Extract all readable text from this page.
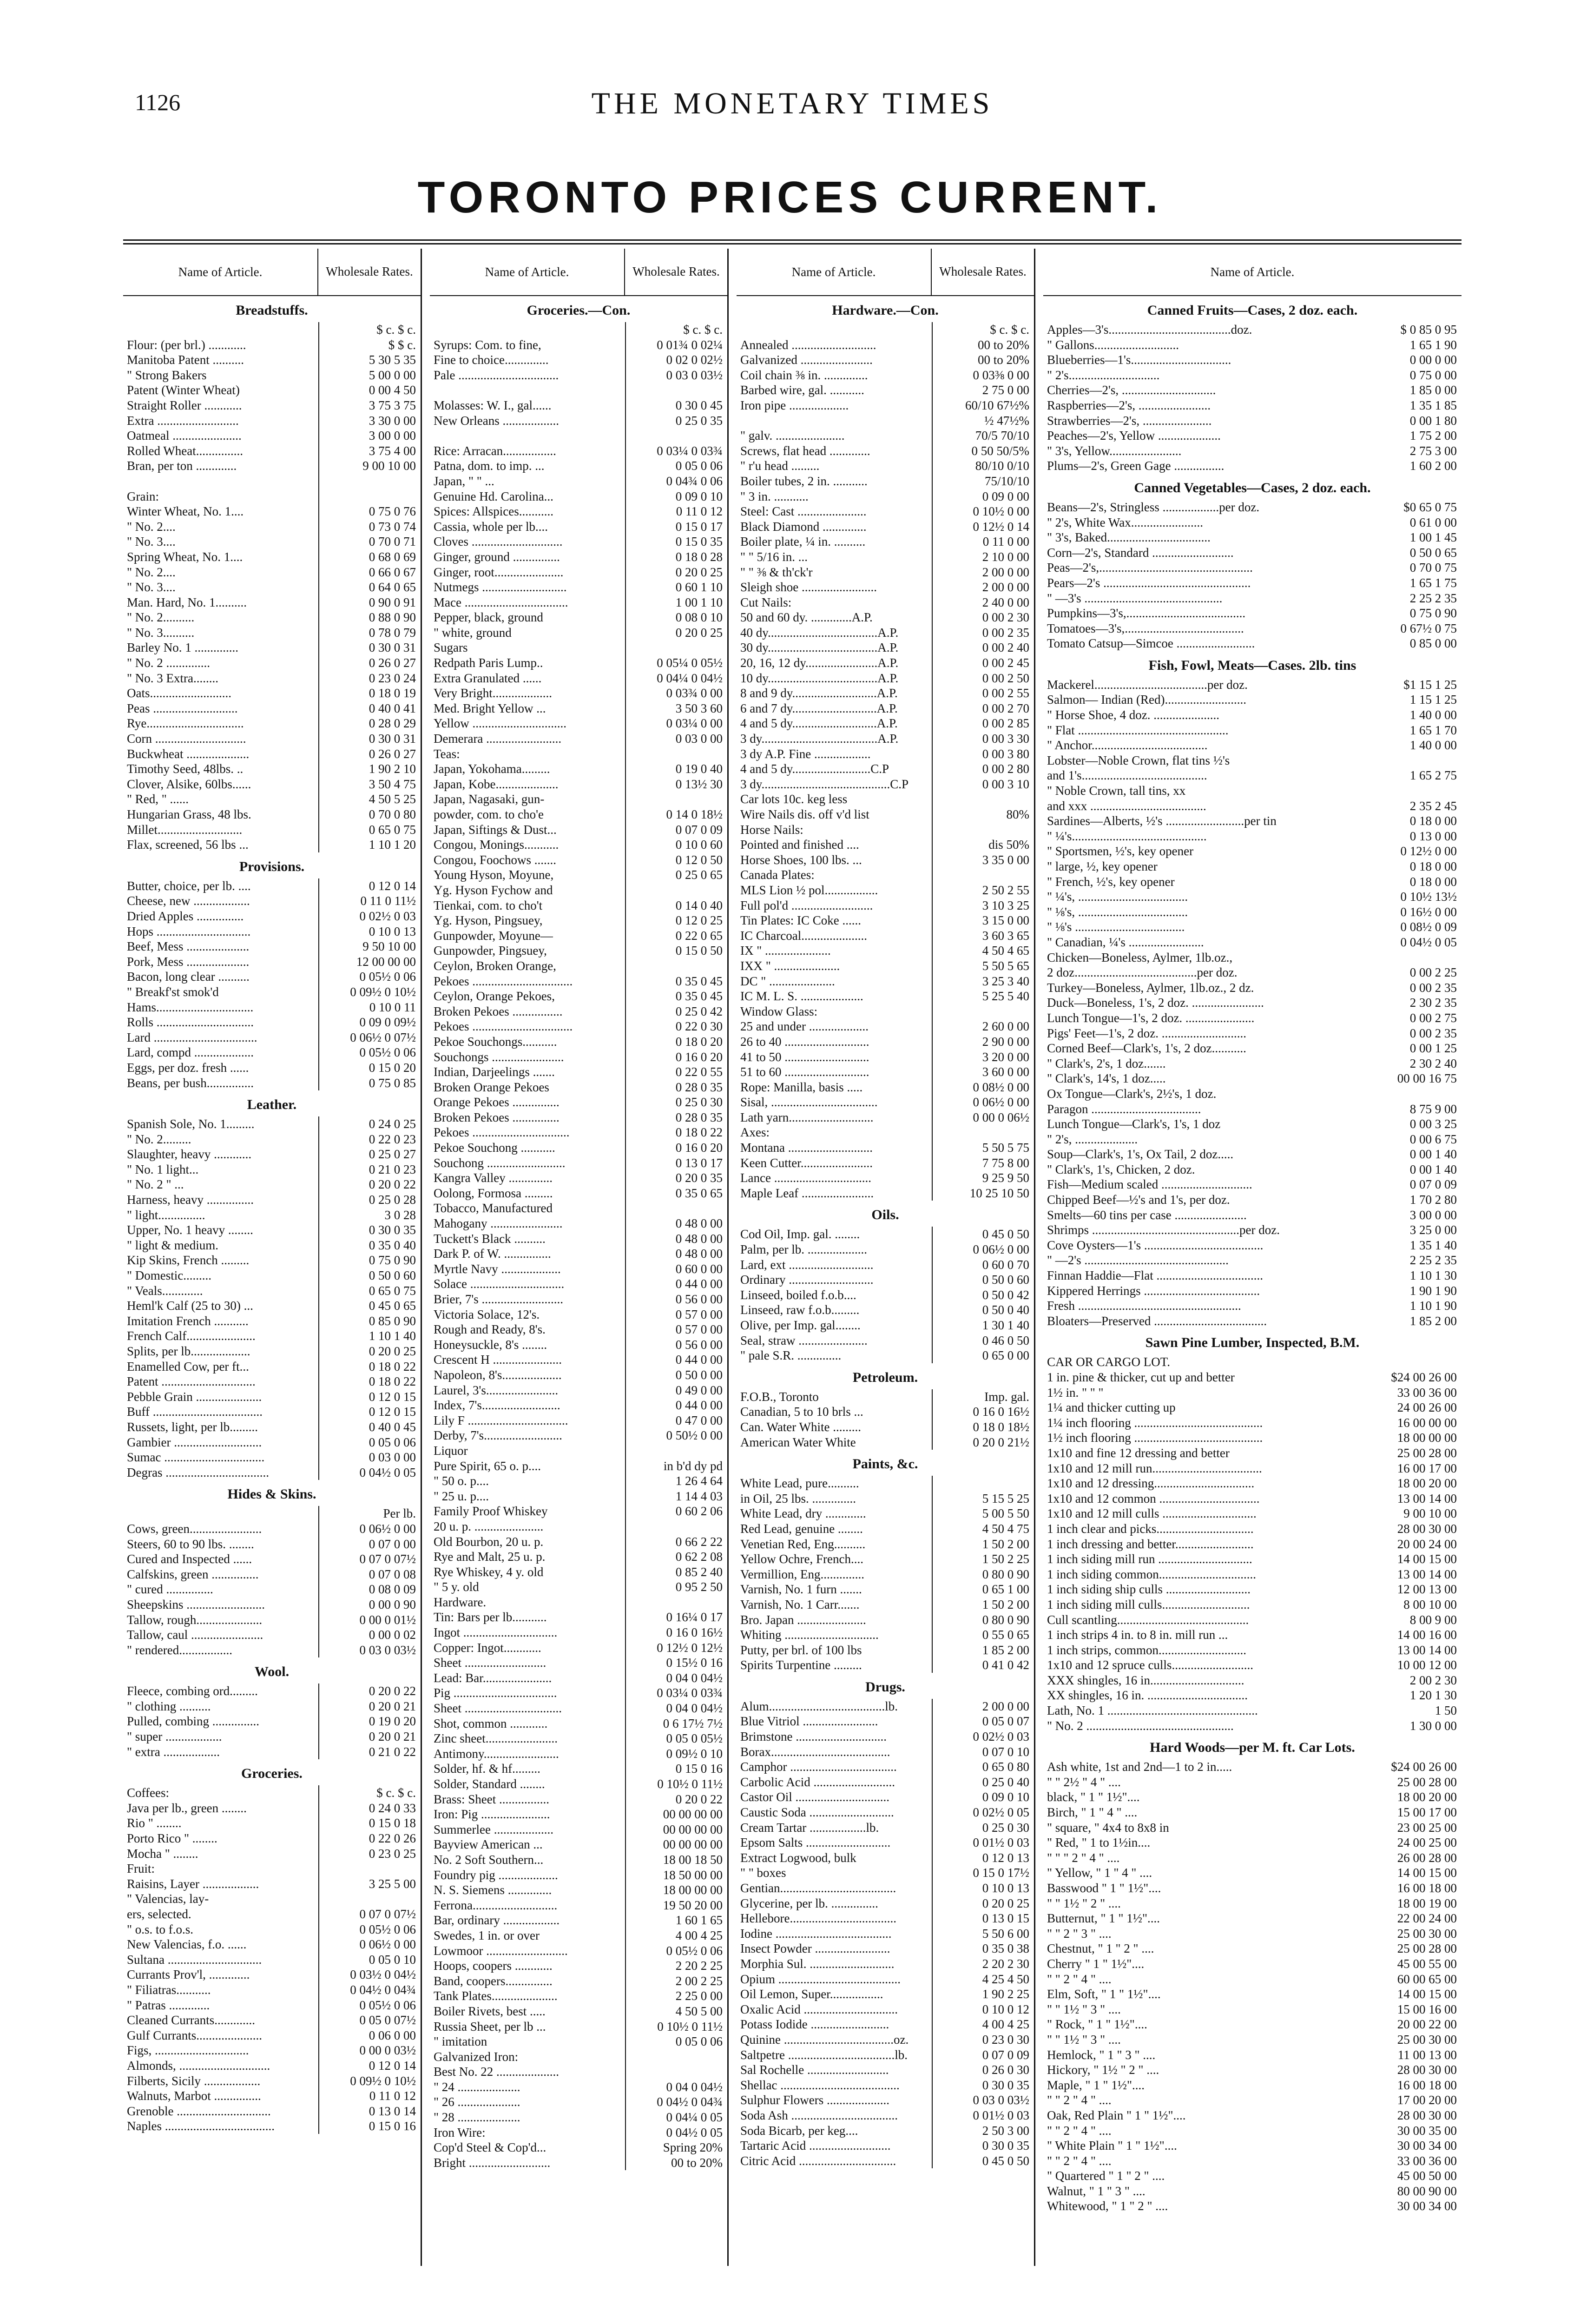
1126	THE MONETARY TIMES
TORONTO PRICES CURRENT.
Name of Article.	Wholesale Rates.
Breadstuffs.
$ c. $ c.
Flour: (per brl.) ............	$ $ c.
Manitoba Patent ..........	5 30 5 35
" Strong Bakers	5 00 0 00
Patent (Winter Wheat)	0 00 4 50
Straight Roller ............	3 75 3 75
Extra ..........................	3 30 0 00
Oatmeal ......................	3 00 0 00
Rolled Wheat...............	3 75 4 00
Bran, per ton .............	9 00 10 00
Grain:
Winter Wheat, No. 1....	0 75 0 76
" No. 2....	0 73 0 74
" No. 3....	0 70 0 71
Spring Wheat, No. 1....	0 68 0 69
" No. 2....	0 66 0 67
" No. 3....	0 64 0 65
Man. Hard, No. 1..........	0 90 0 91
" No. 2..........	0 88 0 90
" No. 3..........	0 78 0 79
Barley No. 1 ..............	0 30 0 31
" No. 2 ..............	0 26 0 27
" No. 3 Extra........	0 23 0 24
Oats..........................	0 18 0 19
Peas ...........................	0 40 0 41
Rye...............................	0 28 0 29
Corn .............................	0 30 0 31
Buckwheat ....................	0 26 0 27
Timothy Seed, 48lbs. ..	1 90 2 10
Clover, Alsike, 60lbs......	3 50 4 75
" Red, " ......	4 50 5 25
Hungarian Grass, 48 lbs.	0 70 0 80
Millet...........................	0 65 0 75
Flax, screened, 56 lbs ...	1 10 1 20
Provisions.
Butter, choice, per lb. ....	0 12 0 14
Cheese, new ..................	0 11 0 11½
Dried Apples ...............	0 02½ 0 03
Hops ..............................	0 10 0 13
Beef, Mess ....................	9 50 10 00
Pork, Mess ....................	12 00 00 00
Bacon, long clear ..........	0 05½ 0 06
" Breakf'st smok'd	0 09½ 0 10½
Hams...............................	0 10 0 11
Rolls ...............................	0 09 0 09½
Lard .................................	0 06½ 0 07½
Lard, compd ...................	0 05½ 0 06
Eggs, per doz. fresh ......	0 15 0 20
Beans, per bush...............	0 75 0 85
Leather.
Spanish Sole, No. 1.........	0 24 0 25
" No. 2.........	0 22 0 23
Slaughter, heavy ............	0 25 0 27
" No. 1 light...	0 21 0 23
" No. 2 " ...	0 20 0 22
Harness, heavy ...............	0 25 0 28
" light...............	3 0 28
Upper, No. 1 heavy ........	0 30 0 35
" light & medium.	0 35 0 40
Kip Skins, French .........	0 75 0 90
" Domestic.........	0 50 0 60
" Veals.............	0 65 0 75
Heml'k Calf (25 to 30) ...	0 45 0 65
Imitation French ...........	0 85 0 90
French Calf......................	1 10 1 40
Splits, per lb...................	0 20 0 25
Enamelled Cow, per ft...	0 18 0 22
Patent ..............................	0 18 0 22
Pebble Grain .....................	0 12 0 15
Buff ...................................	0 12 0 15
Russets, light, per lb.........	0 40 0 45
Gambier ............................	0 05 0 06
Sumac ................................	0 03 0 00
Degras .................................	0 04½ 0 05
Hides & Skins.
Per lb.
Cows, green.......................	0 06½ 0 00
Steers, 60 to 90 lbs. ........	0 07 0 00
Cured and Inspected ......	0 07 0 07½
Calfskins, green ...............	0 07 0 08
" cured ...............	0 08 0 09
Sheepskins .........................	0 00 0 90
Tallow, rough.....................	0 00 0 01½
Tallow, caul .......................	0 00 0 02
" rendered.................	0 03 0 03½
Wool.
Fleece, combing ord.........	0 20 0 22
" clothing ..........	0 20 0 21
Pulled, combing ...............	0 19 0 20
" super ..................	0 20 0 21
" extra ..................	0 21 0 22
Groceries.
Coffees:	$ c. $ c.
Java per lb., green ........	0 24 0 33
Rio " ........	0 15 0 18
Porto Rico " ........	0 22 0 26
Mocha " ........	0 23 0 25
Fruit:
Raisins, Layer ..................	3 25 5 00
" Valencias, lay-
ers, selected.	0 07 0 07½
" o.s. to f.o.s.	0 05½ 0 06
New Valencias, f.o. ......	0 06½ 0 00
Sultana ..............................	0 05 0 10
Currants Prov'l, .............	0 03½ 0 04½
" Filiatras...........	0 04½ 0 04¾
" Patras .............	0 05½ 0 06
Cleaned Currants.............	0 05 0 07½
Gulf Currants.....................	0 06 0 00
Figs, ..............................	0 00 0 03½
Almonds, .............................	0 12 0 14
Filberts, Sicily ..................	0 09½ 0 10½
Walnuts, Marbot ...............	0 11 0 12
Grenoble ..............................	0 13 0 14
Naples ...................................	0 15 0 16
Name of Article.	Wholesale Rates.
Groceries.—Con.
$ c. $ c.
Syrups: Com. to fine,	0 01¾ 0 02¼
Fine to choice..............	0 02 0 02½
Pale ................................	0 03 0 03½
Molasses: W. I., gal......	0 30 0 45
New Orleans ..................	0 25 0 35
Rice: Arracan.................	0 03¼ 0 03¾
Patna, dom. to imp. ...	0 05 0 06
Japan, " " ...	0 04¾ 0 06
Genuine Hd. Carolina...	0 09 0 10
Spices: Allspices...........	0 11 0 12
Cassia, whole per lb....	0 15 0 17
Cloves .............................	0 15 0 35
Ginger, ground ...............	0 18 0 28
Ginger, root......................	0 20 0 25
Nutmegs ...........................	0 60 1 10
Mace .................................	1 00 1 10
Pepper, black, ground	0 08 0 10
" white, ground	0 20 0 25
Sugars
Redpath Paris Lump..	0 05¼ 0 05½
Extra Granulated ......	0 04¼ 0 04½
Very Bright...................	0 03¾ 0 00
Med. Bright Yellow ...	3 50 3 60
Yellow ..............................	0 03¼ 0 00
Demerara ........................	0 03 0 00
Teas:
Japan, Yokohama.........	0 19 0 40
Japan, Kobe....................	0 13½ 30
Japan, Nagasaki, gun-
powder, com. to cho'e	0 14 0 18½
Japan, Siftings & Dust...	0 07 0 09
Congou, Monings...........	0 10 0 60
Congou, Foochows .......	0 12 0 50
Young Hyson, Moyune,	0 25 0 65
Yg. Hyson Fychow and
Tienkai, com. to cho't	0 14 0 40
Yg. Hyson, Pingsuey,	0 12 0 25
Gunpowder, Moyune—	0 22 0 65
Gunpowder, Pingsuey,	0 15 0 50
Ceylon, Broken Orange,
Pekoes ................................	0 35 0 45
Ceylon, Orange Pekoes,	0 35 0 45
Broken Pekoes ................	0 25 0 42
Pekoes ................................	0 22 0 30
Pekoe Souchongs...........	0 18 0 20
Souchongs .......................	0 16 0 20
Indian, Darjeelings .......	0 22 0 55
Broken Orange Pekoes	0 28 0 35
Orange Pekoes ...............	0 25 0 30
Broken Pekoes ...............	0 28 0 35
Pekoes ...............................	0 18 0 22
Pekoe Souchong ...........	0 16 0 20
Souchong .........................	0 13 0 17
Kangra Valley ..............	0 20 0 35
Oolong, Formosa .........	0 35 0 65
Tobacco, Manufactured
Mahogany .......................	0 48 0 00
Tuckett's Black ..........	0 48 0 00
Dark P. of W. ...............	0 48 0 00
Myrtle Navy ...................	0 60 0 00
Solace ..............................	0 44 0 00
Brier, 7's ..........................	0 56 0 00
Victoria Solace, 12's.	0 57 0 00
Rough and Ready, 8's.	0 57 0 00
Honeysuckle, 8's ........	0 56 0 00
Crescent H ......................	0 44 0 00
Napoleon, 8's...................	0 50 0 00
Laurel, 3's.......................	0 49 0 00
Index, 7's.........................	0 44 0 00
Lily F ................................	0 47 0 00
Derby, 7's.........................	0 50½ 0 00
Liquor
Pure Spirit, 65 o. p....	in b'd dy pd
" 50 o. p....	1 26 4 64
" 25 u. p....	1 14 4 03
Family Proof Whiskey	0 60 2 06
20 u. p. ......................
Old Bourbon, 20 u. p.	0 66 2 22
Rye and Malt, 25 u. p.	0 62 2 08
Rye Whiskey, 4 y. old	0 85 2 40
" 5 y. old	0 95 2 50
Hardware.
Tin: Bars per lb...........	0 16¼ 0 17
Ingot ..............................	0 16 0 16½
Copper: Ingot............	0 12½ 0 12½
Sheet ..........................	0 15½ 0 16
Lead: Bar......................	0 04 0 04½
Pig .................................	0 03¼ 0 03¾
Sheet ...............................	0 04 0 04½
Shot, common ............	0 6 17½ 7½
Zinc sheet.......................	0 05 0 05½
Antimony........................	0 09½ 0 10
Solder, hf. & hf.........	0 15 0 16
Solder, Standard ........	0 10½ 0 11½
Brass: Sheet ................	0 20 0 22
Iron: Pig ......................	00 00 00 00
Summerlee ...................	00 00 00 00
Bayview American ...	00 00 00 00
No. 2 Soft Southern...	18 00 18 50
Foundry pig ...................	18 50 00 00
N. S. Siemens ..............	18 00 00 00
Ferrona...........................	19 50 20 00
Bar, ordinary ..................	1 60 1 65
Swedes, 1 in. or over	4 00 4 25
Lowmoor ..........................	0 05½ 0 06
Hoops, coopers ............	2 20 2 25
Band, coopers...............	2 00 2 25
Tank Plates.....................	2 25 0 00
Boiler Rivets, best .....	4 50 5 00
Russia Sheet, per lb ...	0 10½ 0 11½
" imitation	0 05 0 06
Galvanized Iron:
Best No. 22 ....................
" 24 ....................	0 04 0 04½
" 26 ....................	0 04½ 0 04¾
" 28 ....................	0 04¼ 0 05
Iron Wire:	0 04½ 0 05
Cop'd Steel & Cop'd...	Spring 20%
Bright ..........................	00 to 20%
Name of Article.	Wholesale Rates.
Hardware.—Con.
$ c. $ c.
Annealed ...........................	00 to 20%
Galvanized .......................	00 to 20%
Coil chain ⅜ in. ..............	0 03⅜ 0 00
Barbed wire, gal. ...........	2 75 0 00
Iron pipe ...................	60/10 67½%
½ 47½%
" galv. ......................	70/5 70/10
Screws, flat head .............	0 50 50/5%
" r'u head .........	80/10 0/10
Boiler tubes, 2 in. ...........	75/10/10
" 3 in. ...........	0 09 0 00
Steel: Cast ......................	0 10½ 0 00
Black Diamond ..............	0 12½ 0 14
Boiler plate, ¼ in. ..........	0 11 0 00
" " 5/16 in. ...	2 10 0 00
" " ⅜ & th'ck'r	2 00 0 00
Sleigh shoe ........................	2 00 0 00
Cut Nails:	2 40 0 00
50 and 60 dy. .............A.P.	0 00 2 30
40 dy...................................A.P.	0 00 2 35
30 dy...................................A.P.	0 00 2 40
20, 16, 12 dy.......................A.P.	0 00 2 45
10 dy...................................A.P.	0 00 2 50
8 and 9 dy...........................A.P.	0 00 2 55
6 and 7 dy...........................A.P.	0 00 2 70
4 and 5 dy...........................A.P.	0 00 2 85
3 dy.....................................A.P.	0 00 3 30
3 dy A.P. Fine ..................	0 00 3 80
4 and 5 dy.........................C.P	0 00 2 80
3 dy.........................................C.P	0 00 3 10
Car lots 10c. keg less
Wire Nails dis. off v'd list	80%
Horse Nails:
Pointed and finished ....	dis 50%
Horse Shoes, 100 lbs. ...	3 35 0 00
Canada Plates:
MLS Lion ½ pol.................	2 50 2 55
Full pol'd ..........................	3 10 3 25
Tin Plates: IC Coke ......	3 15 0 00
IC Charcoal.....................	3 60 3 65
IX " .....................	4 50 4 65
IXX " .....................	5 50 5 65
DC " .....................	3 25 3 40
IC M. L. S. ....................	5 25 5 40
Window Glass:
25 and under ...................	2 60 0 00
26 to 40 ...........................	2 90 0 00
41 to 50 ...........................	3 20 0 00
51 to 60 ...........................	3 60 0 00
Rope: Manilla, basis .....	0 08½ 0 00
Sisal, ..................................	0 06½ 0 00
Lath yarn...........................	0 00 0 06½
Axes:
Montana ...........................	5 50 5 75
Keen Cutter.......................	7 75 8 00
Lance ...............................	9 25 9 50
Maple Leaf .......................	10 25 10 50
Oils.
Cod Oil, Imp. gal. ........	0 45 0 50
Palm, per lb. ...................	0 06½ 0 00
Lard, ext ...........................	0 60 0 70
Ordinary ...........................	0 50 0 60
Linseed, boiled f.o.b....	0 50 0 42
Linseed, raw f.o.b.........	0 50 0 40
Olive, per Imp. gal........	1 30 1 40
Seal, straw ......................	0 46 0 50
" pale S.R. ..............	0 65 0 00
Petroleum.
F.O.B., Toronto	Imp. gal.
Canadian, 5 to 10 brls ...	0 16 0 16½
Can. Water White .........	0 18 0 18½
American Water White	0 20 0 21½
Paints, &c.
White Lead, pure..........
in Oil, 25 lbs. ..............	5 15 5 25
White Lead, dry .............	5 00 5 50
Red Lead, genuine ........	4 50 4 75
Venetian Red, Eng..........	1 50 2 00
Yellow Ochre, French....	1 50 2 25
Vermillion, Eng..............	0 80 0 90
Varnish, No. 1 furn .......	0 65 1 00
Varnish, No. 1 Carr.......	1 50 2 00
Bro. Japan ......................	0 80 0 90
Whiting ..............................	0 55 0 65
Putty, per brl. of 100 lbs	1 85 2 00
Spirits Turpentine .........	0 41 0 42
Drugs.
Alum.....................................lb.	2 00 0 00
Blue Vitriol ........................	0 05 0 07
Brimstone .............................	0 02½ 0 03
Borax......................................	0 07 0 10
Camphor ..................................	0 65 0 80
Carbolic Acid ..........................	0 25 0 40
Castor Oil ..............................	0 09 0 10
Caustic Soda ...........................	0 02½ 0 05
Cream Tartar ..................lb.	0 25 0 30
Epsom Salts ...........................	0 01½ 0 03
Extract Logwood, bulk	0 12 0 13
" " boxes	0 15 0 17½
Gentian.....................................	0 10 0 13
Glycerine, per lb. ...............	0 20 0 25
Hellebore..................................	0 13 0 15
Iodine .....................................	5 50 6 00
Insect Powder ........................	0 35 0 38
Morphia Sul. ...........................	2 20 2 30
Opium .......................................	4 25 4 50
Oil Lemon, Super.................	1 90 2 25
Oxalic Acid ..............................	0 10 0 12
Potass Iodide .........................	4 00 4 25
Quinine ...................................oz.	0 23 0 30
Saltpetre ..................................lb.	0 07 0 09
Sal Rochelle ..........................	0 26 0 30
Shellac ......................................	0 30 0 35
Sulphur Flowers ....................	0 03 0 03½
Soda Ash ..................................	0 01½ 0 03
Soda Bicarb, per keg....	2 50 3 00
Tartaric Acid ..........................	0 30 0 35
Citric Acid ...............................	0 45 0 50
Name of Article.
Canned Fruits—Cases, 2 doz. each.
Apples—3's.......................................doz.	$ 0 85 0 95
" Gallons...........................	1 65 1 90
Blueberries—1's................................	0 00 0 00
" 2's.............................	0 75 0 00
Cherries—2's, ..............................	1 85 0 00
Raspberries—2's, .......................	1 35 1 85
Strawberries—2's, ......................	0 00 1 80
Peaches—2's, Yellow ....................	1 75 2 00
" 3's, Yellow.......................	2 75 3 00
Plums—2's, Green Gage ................	1 60 2 00
Canned Vegetables—Cases, 2 doz. each.
Beans—2's, Stringless ..................per doz.	$0 65 0 75
" 2's, White Wax.......................	0 61 0 00
" 3's, Baked.................................	1 00 1 45
Corn—2's, Standard ..........................	0 50 0 65
Peas—2's,.................................................	0 70 0 75
Pears—2's ...............................................	1 65 1 75
" —3's ............................................	2 25 2 35
Pumpkins—3's,......................................	0 75 0 90
Tomatoes—3's,......................................	0 67½ 0 75
Tomato Catsup—Simcoe .........................	0 85 0 00
Fish, Fowl, Meats—Cases. 2lb. tins
Mackerel....................................per doz.	$1 15 1 25
Salmon— Indian (Red)..........................	1 15 1 25
" Horse Shoe, 4 doz. .....................	1 40 0 00
" Flat ................................................	1 65 1 70
" Anchor.....................................	1 40 0 00
Lobster—Noble Crown, flat tins ½'s
and 1's........................................	1 65 2 75
" Noble Crown, tall tins, xx
and xxx .....................................	2 35 2 45
Sardines—Alberts, ½'s .........................per tin	0 18 0 00
" ¼'s...........................................	0 13 0 00
" Sportsmen, ½'s, key opener	0 12½ 0 00
" large, ½, key opener	0 18 0 00
" French, ½'s, key opener	0 18 0 00
" ¼'s, ...................................	0 10½ 13½
" ⅛'s, ...................................	0 16½ 0 00
" ⅛'s ...................................	0 08½ 0 09
" Canadian, ¼'s ........................	0 04½ 0 05
Chicken—Boneless, Aylmer, 1lb.oz.,
2 doz.......................................per doz.	0 00 2 25
Turkey—Boneless, Aylmer, 1lb.oz., 2 dz.	0 00 2 35
Duck—Boneless, 1's, 2 doz. .......................	2 30 2 35
Lunch Tongue—1's, 2 doz. ......................	0 00 2 75
Pigs' Feet—1's, 2 doz. ...........................	0 00 2 35
Corned Beef—Clark's, 1's, 2 doz...........	0 00 1 25
" Clark's, 2's, 1 doz.......	2 30 2 40
" Clark's, 14's, 1 doz.....	00 00 16 75
Ox Tongue—Clark's, 2½'s, 1 doz.
Paragon ...................................	8 75 9 00
Lunch Tongue—Clark's, 1's, 1 doz	0 00 3 25
" 2's, ....................	0 00 6 75
Soup—Clark's, 1's, Ox Tail, 2 doz.....	0 00 1 40
" Clark's, 1's, Chicken, 2 doz.	0 00 1 40
Fish—Medium scaled .............................	0 07 0 09
Chipped Beef—½'s and 1's, per doz.	1 70 2 80
Smelts—60 tins per case .......................	3 00 0 00
Shrimps ...............................................per doz.	3 25 0 00
Cove Oysters—1's ......................................	1 35 1 40
" —2's ..............................................	2 25 2 35
Finnan Haddie—Flat ..................................	1 10 1 30
Kippered Herrings .....................................	1 90 1 90
Fresh ....................................................	1 10 1 90
Bloaters—Preserved ....................................	1 85 2 00
Sawn Pine Lumber, Inspected, B.M.
CAR OR CARGO LOT.
1 in. pine & thicker, cut up and better	$24 00 26 00
1½ in. " " "	33 00 36 00
1¼ and thicker cutting up	24 00 26 00
1¼ inch flooring .........................................	16 00 00 00
1½ inch flooring .........................................	18 00 00 00
1x10 and fine 12 dressing and better	25 00 28 00
1x10 and 12 mill run...................................	16 00 17 00
1x10 and 12 dressing................................	18 00 20 00
1x10 and 12 common ................................	13 00 14 00
1x10 and 12 mill culls ..............................	9 00 10 00
1 inch clear and picks...............................	28 00 30 00
1 inch dressing and better.........................	20 00 24 00
1 inch siding mill run ..............................	14 00 15 00
1 inch siding common...............................	13 00 14 00
1 inch siding ship culls ...........................	12 00 13 00
1 inch siding mill culls............................	8 00 10 00
Cull scantling..........................................	8 00 9 00
1 inch strips 4 in. to 8 in. mill run ...	14 00 16 00
1 inch strips, common............................	13 00 14 00
1x10 and 12 spruce culls..........................	10 00 12 00
XXX shingles, 16 in..............................	2 00 2 30
XX shingles, 16 in. ................................	1 20 1 30
Lath, No. 1 ................................................	1 50
" No. 2 ...............................................	1 30 0 00
Hard Woods—per M. ft. Car Lots.
Ash white, 1st and 2nd—1 to 2 in.....	$24 00 26 00
" " 2½ " 4 " ....	25 00 28 00
black, " 1 " 1½"....	18 00 20 00
Birch, " 1 " 4 " ....	15 00 17 00
" square, " 4x4 to 8x8 in	23 00 25 00
" Red, " 1 to 1½in....	24 00 25 00
" " " 2 " 4 " ....	26 00 28 00
" Yellow, " 1 " 4 " ....	14 00 15 00
Basswood " 1 " 1½"....	16 00 18 00
" " 1½ " 2 " ....	18 00 19 00
Butternut, " 1 " 1½"....	22 00 24 00
" " 2 " 3 " ....	25 00 30 00
Chestnut, " 1 " 2 " ....	25 00 28 00
Cherry " 1 " 1½"....	45 00 55 00
" " 2 " 4 " ....	60 00 65 00
Elm, Soft, " 1 " 1½"....	14 00 15 00
" " 1½ " 3 " ....	15 00 16 00
" Rock, " 1 " 1½"....	20 00 22 00
" " 1½ " 3 " ....	25 00 30 00
Hemlock, " 1 " 3 " ....	11 00 13 00
Hickory, " 1½ " 2 " ....	28 00 30 00
Maple, " 1 " 1½"....	16 00 18 00
" " 2 " 4 " ....	17 00 20 00
Oak, Red Plain " 1 " 1½"....	28 00 30 00
" " 2 " 4 " ....	30 00 35 00
" White Plain " 1 " 1½"....	30 00 34 00
" " 2 " 4 " ....	33 00 36 00
" Quartered " 1 " 2 " ....	45 00 50 00
Walnut, " 1 " 3 " ....	80 00 90 00
Whitewood, " 1 " 2 " ....	30 00 34 00
